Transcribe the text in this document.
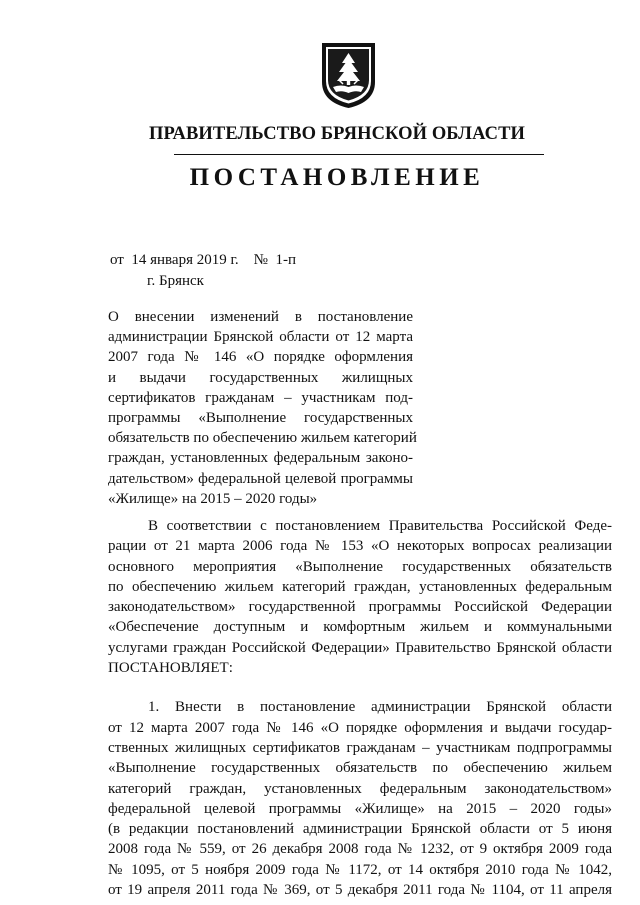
ПРАВИТЕЛЬСТВО БРЯНСКОЙ ОБЛАСТИ
ПОСТАНОВЛЕНИЕ
от  14 января 2019 г.    №  1-п
г. Брянск
О внесении изменений в постановление
администрации Брянской области от 12 марта
2007 года № 146 «О порядке оформления
и выдачи государственных жилищных
сертификатов гражданам – участникам под-
программы «Выполнение государственных
обязательств по обеспечению жильем категорий
граждан, установленных федеральным законо-
дательством» федеральной целевой программы
«Жилище» на 2015 – 2020 годы»
В соответствии с постановлением Правительства Российской Феде-
рации от 21 марта 2006 года № 153 «О некоторых вопросах реализации
основного мероприятия «Выполнение государственных обязательств
по обеспечению жильем категорий граждан, установленных федеральным
законодательством» государственной программы Российской Федерации
«Обеспечение доступным и комфортным жильем и коммунальными
услугами граждан Российской Федерации» Правительство Брянской области
ПОСТАНОВЛЯЕТ:
1. Внести в постановление администрации Брянской области
от 12 марта 2007 года № 146 «О порядке оформления и выдачи государ-
ственных жилищных сертификатов гражданам – участникам подпрограммы
«Выполнение государственных обязательств по обеспечению жильем
категорий граждан, установленных федеральным законодательством»
федеральной целевой программы «Жилище» на 2015 – 2020 годы»
(в редакции постановлений администрации Брянской области от 5 июня
2008 года № 559, от 26 декабря 2008 года № 1232, от 9 октября 2009 года
№ 1095, от 5 ноября 2009 года № 1172, от 14 октября 2010 года № 1042,
от 19 апреля 2011 года № 369, от 5 декабря 2011 года № 1104, от 11 апреля
